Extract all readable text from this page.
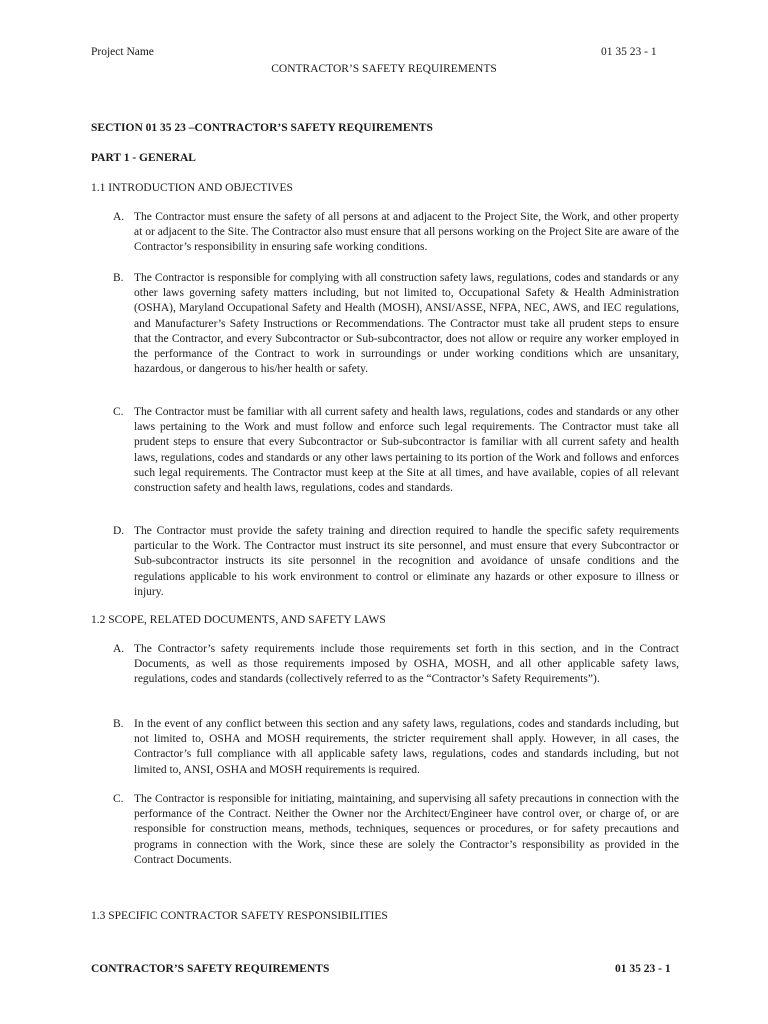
Project Name	01 35 23 - 1
CONTRACTOR’S SAFETY REQUIREMENTS
SECTION 01 35 23 –CONTRACTOR’S SAFETY REQUIREMENTS
PART 1 - GENERAL
1.1 INTRODUCTION AND OBJECTIVES
A. The Contractor must ensure the safety of all persons at and adjacent to the Project Site, the Work, and other property at or adjacent to the Site. The Contractor also must ensure that all persons working on the Project Site are aware of the Contractor’s responsibility in ensuring safe working conditions.
B. The Contractor is responsible for complying with all construction safety laws, regulations, codes and standards or any other laws governing safety matters including, but not limited to, Occupational Safety & Health Administration (OSHA), Maryland Occupational Safety and Health (MOSH), ANSI/ASSE, NFPA, NEC, AWS, and IEC regulations, and Manufacturer’s Safety Instructions or Recommendations. The Contractor must take all prudent steps to ensure that the Contractor, and every Subcontractor or Sub-subcontractor, does not allow or require any worker employed in the performance of the Contract to work in surroundings or under working conditions which are unsanitary, hazardous, or dangerous to his/her health or safety.
C. The Contractor must be familiar with all current safety and health laws, regulations, codes and standards or any other laws pertaining to the Work and must follow and enforce such legal requirements. The Contractor must take all prudent steps to ensure that every Subcontractor or Sub-subcontractor is familiar with all current safety and health laws, regulations, codes and standards or any other laws pertaining to its portion of the Work and follows and enforces such legal requirements. The Contractor must keep at the Site at all times, and have available, copies of all relevant construction safety and health laws, regulations, codes and standards.
D. The Contractor must provide the safety training and direction required to handle the specific safety requirements particular to the Work. The Contractor must instruct its site personnel, and must ensure that every Subcontractor or Sub-subcontractor instructs its site personnel in the recognition and avoidance of unsafe conditions and the regulations applicable to his work environment to control or eliminate any hazards or other exposure to illness or injury.
1.2 SCOPE, RELATED DOCUMENTS, AND SAFETY LAWS
A. The Contractor’s safety requirements include those requirements set forth in this section, and in the Contract Documents, as well as those requirements imposed by OSHA, MOSH, and all other applicable safety laws, regulations, codes and standards (collectively referred to as the “Contractor’s Safety Requirements”).
B. In the event of any conflict between this section and any safety laws, regulations, codes and standards including, but not limited to, OSHA and MOSH requirements, the stricter requirement shall apply. However, in all cases, the Contractor’s full compliance with all applicable safety laws, regulations, codes and standards including, but not limited to, ANSI, OSHA and MOSH requirements is required.
C. The Contractor is responsible for initiating, maintaining, and supervising all safety precautions in connection with the performance of the Contract. Neither the Owner nor the Architect/Engineer have control over, or charge of, or are responsible for construction means, methods, techniques, sequences or procedures, or for safety precautions and programs in connection with the Work, since these are solely the Contractor’s responsibility as provided in the Contract Documents.
1.3 SPECIFIC CONTRACTOR SAFETY RESPONSIBILITIES
CONTRACTOR’S SAFETY REQUIREMENTS	01 35 23 - 1
